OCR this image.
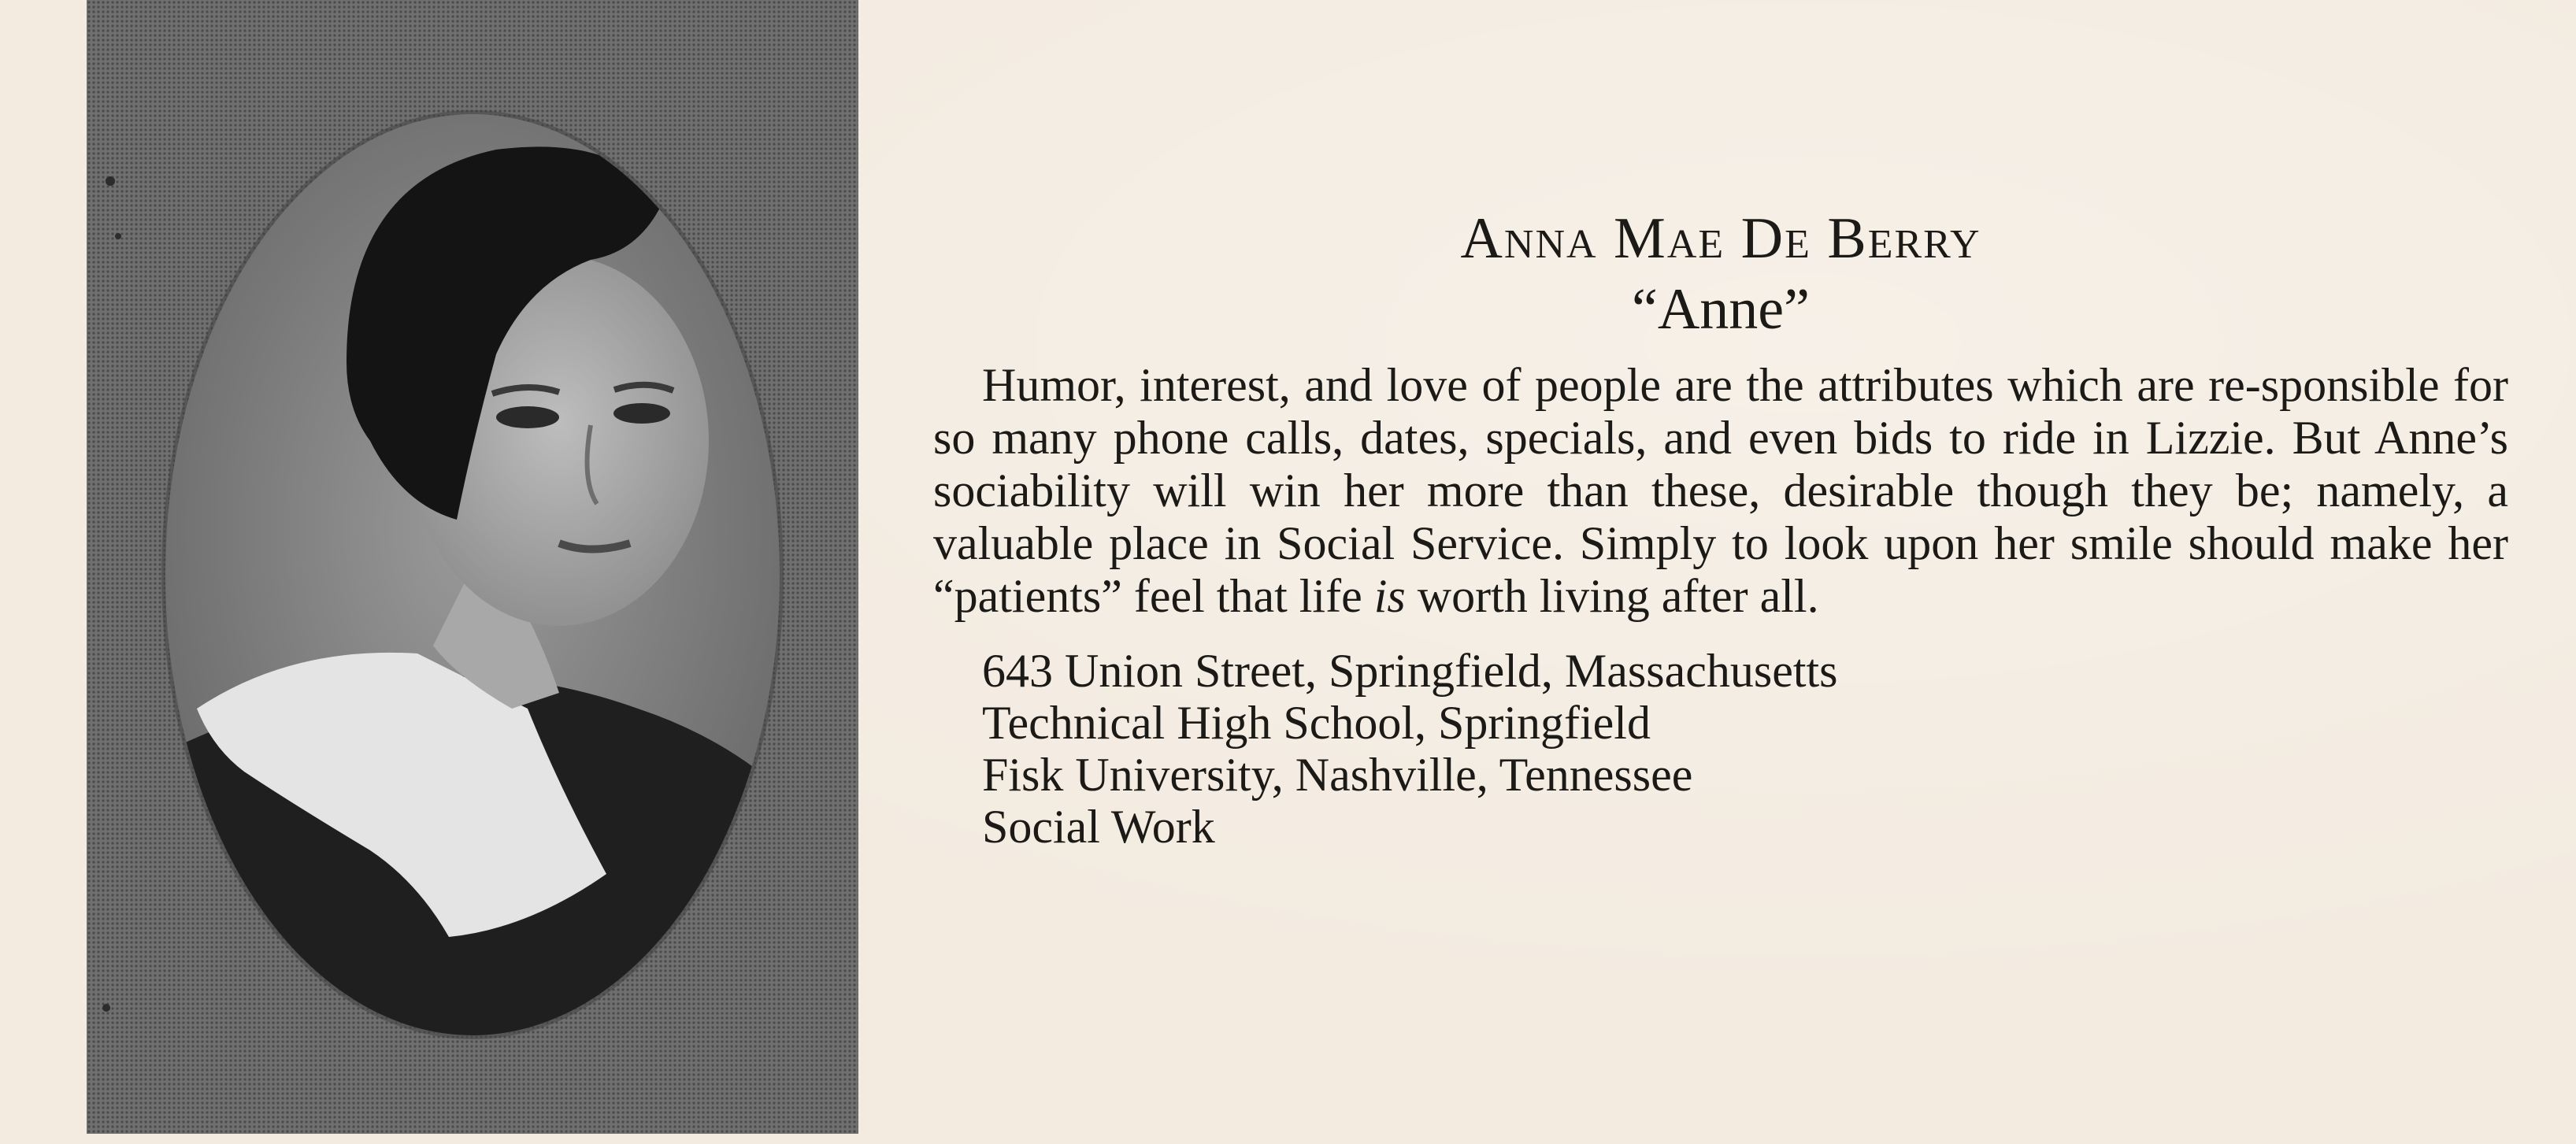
Anna Mae De Berry

“Anne”

Humor, interest, and love of people are the attributes which are re-sponsible for so many phone calls, dates, specials, and even bids to ride in Lizzie. But Anne’s sociability will win her more than these, desirable though they be; namely, a valuable place in Social Service. Simply to look upon her smile should make her “patients” feel that life is worth living after all.

643 Union Street, Springfield, Massachusetts
Technical High School, Springfield
Fisk University, Nashville, Tennessee
Social Work
